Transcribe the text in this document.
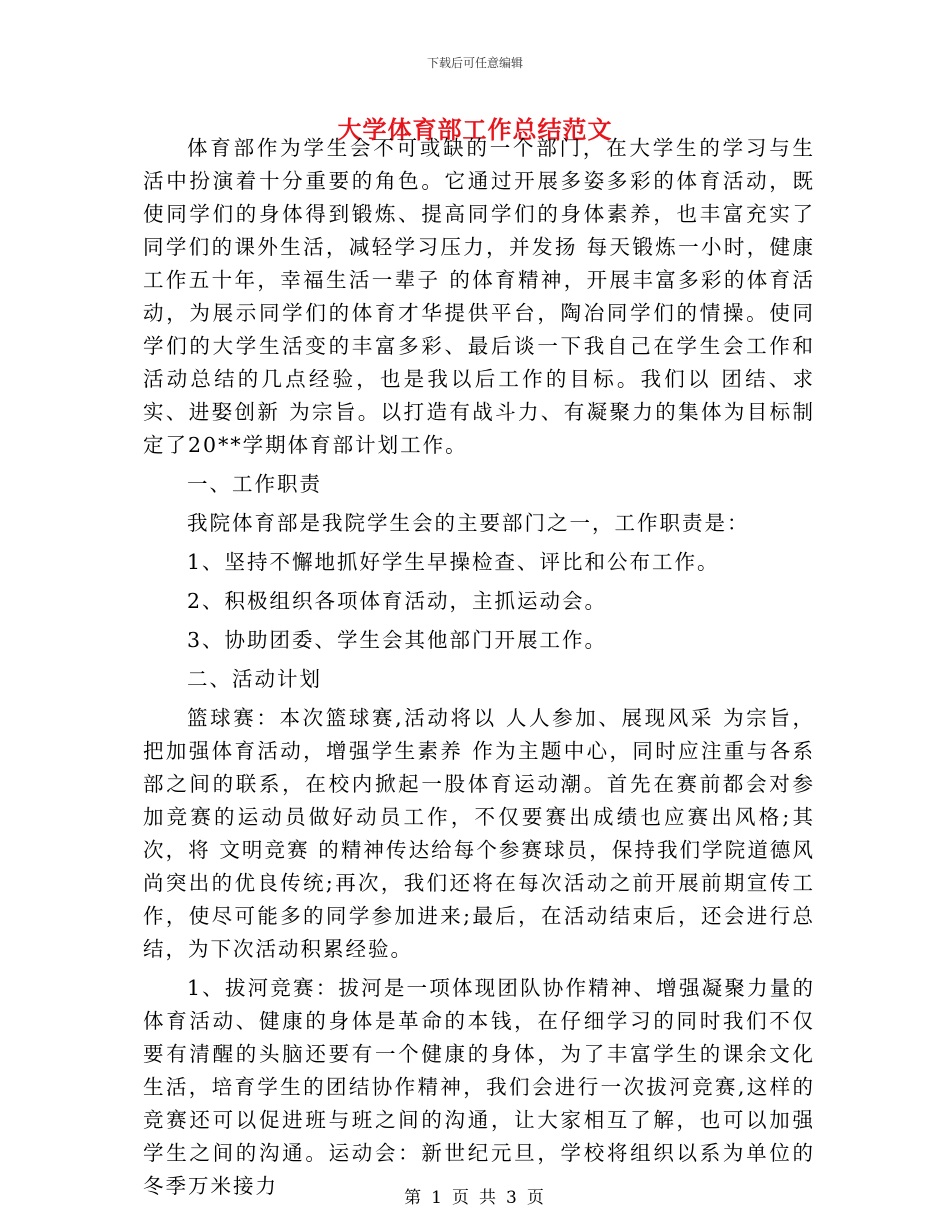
下载后可任意编辑
大学体育部工作总结范文

体育部作为学生会不可或缺的一个部门，在大学生的学习与生活中扮演着十分重要的角色。它通过开展多姿多彩的体育活动，既使同学们的身体得到锻炼、提高同学们的身体素养，也丰富充实了同学们的课外生活，减轻学习压力，并发扬 每天锻炼一小时，健康工作五十年，幸福生活一辈子 的体育精神，开展丰富多彩的体育活动，为展示同学们的体育才华提供平台，陶冶同学们的情操。使同学们的大学生活变的丰富多彩、最后谈一下我自己在学生会工作和活动总结的几点经验，也是我以后工作的目标。我们以 团结、求实、进娶创新 为宗旨。以打造有战斗力、有凝聚力的集体为目标制定了20**学期体育部计划工作。

一、工作职责

我院体育部是我院学生会的主要部门之一，工作职责是：

1、坚持不懈地抓好学生早操检查、评比和公布工作。

2、积极组织各项体育活动，主抓运动会。

3、协助团委、学生会其他部门开展工作。

二、活动计划

篮球赛：本次篮球赛,活动将以 人人参加、展现风采 为宗旨，把加强体育活动，增强学生素养 作为主题中心，同时应注重与各系部之间的联系，在校内掀起一股体育运动潮。首先在赛前都会对参加竞赛的运动员做好动员工作，不仅要赛出成绩也应赛出风格;其次，将 文明竞赛 的精神传达给每个参赛球员，保持我们学院道德风尚突出的优良传统;再次，我们还将在每次活动之前开展前期宣传工作，使尽可能多的同学参加进来;最后，在活动结束后，还会进行总结，为下次活动积累经验。

1、拔河竞赛：拔河是一项体现团队协作精神、增强凝聚力量的体育活动、健康的身体是革命的本钱，在仔细学习的同时我们不仅要有清醒的头脑还要有一个健康的身体，为了丰富学生的课余文化生活，培育学生的团结协作精神，我们会进行一次拔河竞赛,这样的竞赛还可以促进班与班之间的沟通，让大家相互了解，也可以加强学生之间的沟通。运动会：新世纪元旦，学校将组织以系为单位的冬季万米接力	第 1 页 共 3 页
